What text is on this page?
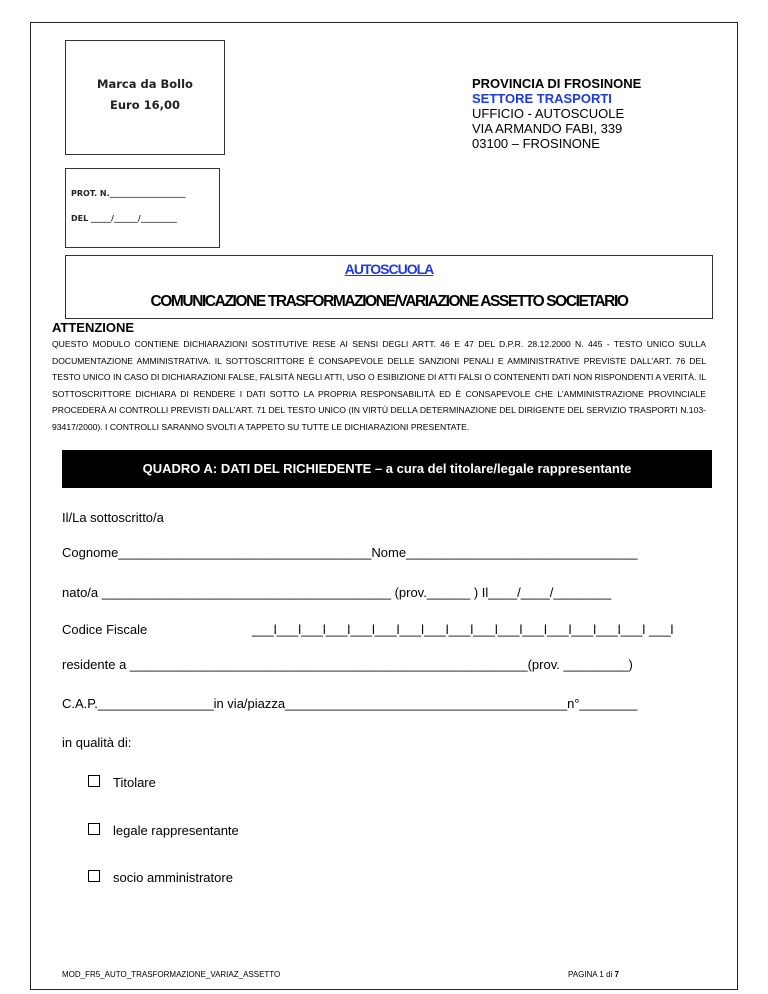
Marca da Bollo
Euro 16,00
PROT. N.___________________
DEL _____/______/_________
PROVINCIA DI FROSINONE
SETTORE TRASPORTI
UFFICIO - AUTOSCUOLE
VIA ARMANDO FABI, 339
03100 – FROSINONE
AUTOSCUOLA
COMUNICAZIONE TRASFORMAZIONE/VARIAZIONE ASSETTO SOCIETARIO
ATTENZIONE
QUESTO MODULO CONTIENE DICHIARAZIONI SOSTITUTIVE RESE AI SENSI DEGLI ARTT. 46 E 47 DEL D.P.R. 28.12.2000 N. 445 - TESTO UNICO SULLA DOCUMENTAZIONE AMMINISTRATIVA. IL SOTTOSCRITTORE È CONSAPEVOLE DELLE SANZIONI PENALI E AMMINISTRATIVE PREVISTE DALL’ART. 76 DEL TESTO UNICO IN CASO DI DICHIARAZIONI FALSE, FALSITÀ NEGLI ATTI, USO O ESIBIZIONE DI ATTI FALSI O CONTENENTI DATI NON RISPONDENTI A VERITÀ. IL SOTTOSCRITTORE DICHIARA DI RENDERE I DATI SOTTO LA PROPRIA RESPONSABILITÀ ED È CONSAPEVOLE CHE L’AMMINISTRAZIONE PROVINCIALE PROCEDERÀ AI CONTROLLI PREVISTI DALL’ART. 71 DEL TESTO UNICO (IN VIRTÙ DELLA DETERMINAZIONE DEL DIRIGENTE DEL SERVIZIO TRASPORTI N.103-93417/2000). I CONTROLLI SARANNO SVOLTI A TAPPETO SU TUTTE LE DICHIARAZIONI PRESENTATE.
QUADRO A: DATI DEL RICHIEDENTE – a cura del titolare/legale rappresentante
Il/La sottoscritto/a
Cognome___________________________________Nome________________________________
nato/a ________________________________________ (prov.______ ) Il____/____/________
Codice Fiscale	___l___l___l___l___l___l___l___l___l___l___l___l___l___l___l___l ___l
residente a _______________________________________________________(prov. _________)
C.A.P.________________in via/piazza_______________________________________n°________
in qualità di:
Titolare
legale rappresentante
socio amministratore
MOD_FR5_AUTO_TRASFORMAZIONE_VARIAZ_ASSETTO	PAGINA 1 di 7
